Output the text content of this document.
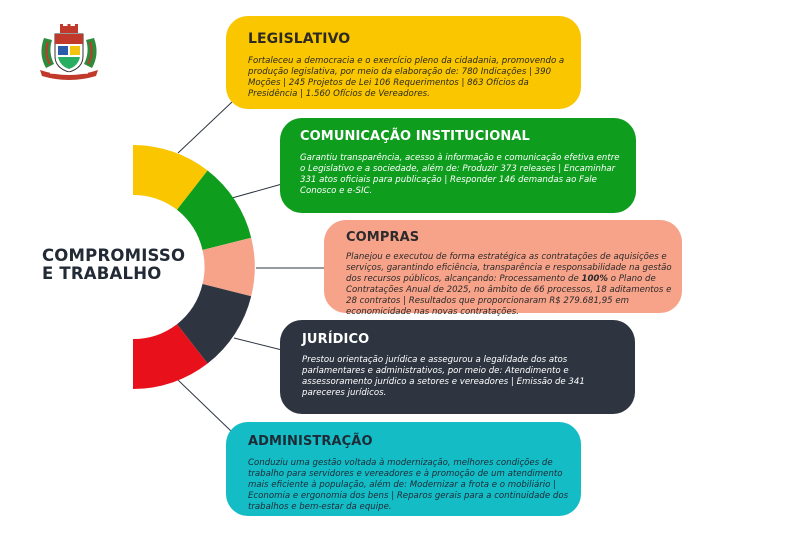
COMPROMISSO
E TRABALHO

LEGISLATIVO

Fortaleceu a democracia e o exercício pleno da cidadania, promovendo a produção legislativa, por meio da elaboração de: 780 Indicações | 390 Moções | 245 Projetos de Lei 106 Requerimentos | 863 Ofícios da Presidência | 1.560 Ofícios de Vereadores.

COMUNICAÇÃO INSTITUCIONAL

Garantiu transparência, acesso à informação e comunicação efetiva entre o Legislativo e a sociedade, além de: Produzir 373 releases | Encaminhar 331 atos oficiais para publicação | Responder 146 demandas ao Fale Conosco e e-SIC.

COMPRAS

Planejou e executou de forma estratégica as contratações de aquisições e serviços, garantindo eficiência, transparência e responsabilidade na gestão dos recursos públicos, alcançando: Processamento de 100% o Plano de Contratações Anual de 2025, no âmbito de 66 processos, 18 aditamentos e 28 contratos | Resultados que proporcionaram R$ 279.681,95 em economicidade nas novas contratações.

JURÍDICO

Prestou orientação jurídica e assegurou a legalidade dos atos parlamentares e administrativos, por meio de: Atendimento e assessoramento jurídico a setores e vereadores | Emissão de 341 pareceres jurídicos.

ADMINISTRAÇÃO

Conduziu uma gestão voltada à modernização, melhores condições de trabalho para servidores e vereadores e à promoção de um atendimento mais eficiente à população, além de: Modernizar a frota e o mobiliário | Economia e ergonomia dos bens | Reparos gerais para a continuidade dos trabalhos e bem-estar da equipe.
